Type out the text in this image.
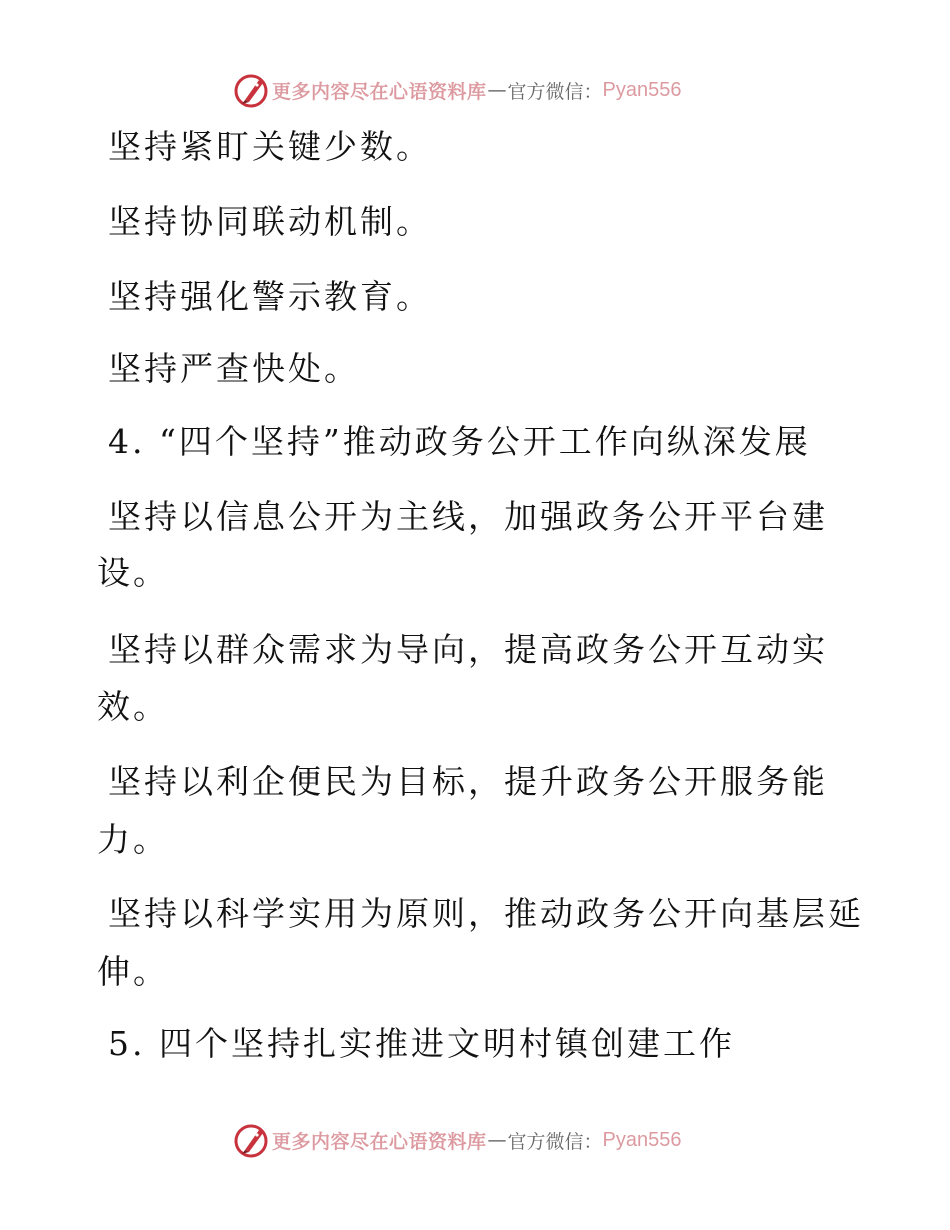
更多内容尽在心语资料库 — 官方微信： Pyan556

坚持紧盯关键少数。

坚持协同联动机制。

坚持强化警示教育。

坚持严查快处。

4. “四个坚持”推动政务公开工作向纵深发展

坚持以信息公开为主线，加强政务公开平台建

设。

坚持以群众需求为导向，提高政务公开互动实

效。

坚持以利企便民为目标，提升政务公开服务能

力。

坚持以科学实用为原则，推动政务公开向基层延

伸。

5. 四个坚持扎实推进文明村镇创建工作

更多内容尽在心语资料库 — 官方微信： Pyan556
